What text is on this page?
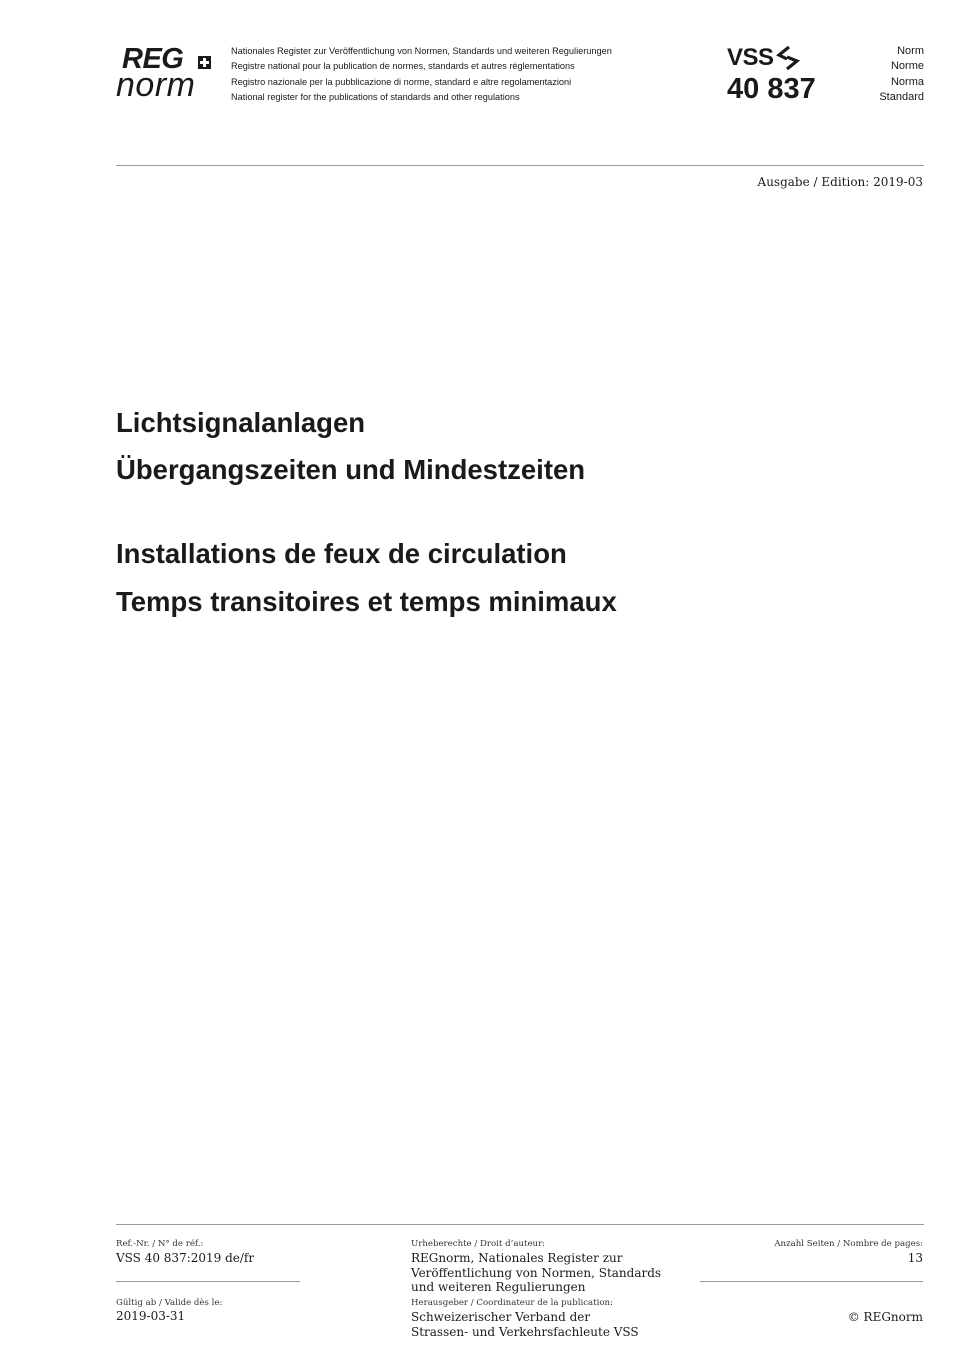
REG
norm
Nationales Register zur Veröffentlichung von Normen, Standards und weiteren Regulierungen
Registre national pour la publication de normes, standards et autres réglementations
Registro nazionale per la pubblicazione di norme, standard e altre regolamentazioni
National register for the publications of standards and other regulations
VSS
40 837
Norm
Norme
Norma
Standard
Ausgabe / Edition: 2019-03
Lichtsignalanlagen
Übergangszeiten und Mindestzeiten
Installations de feux de circulation
Temps transitoires et temps minimaux
Ref.-Nr. / N° de réf.:
VSS 40 837:2019 de/fr
Gültig ab / Valide dès le:
2019-03-31
Urheberechte / Droit d’auteur:
REGnorm, Nationales Register zur
Veröffentlichung von Normen, Standards
und weiteren Regulierungen
Herausgeber / Coordinateur de la publication:
Schweizerischer Verband der
Strassen- und Verkehrsfachleute VSS
Anzahl Seiten / Nombre de pages:
13
© REGnorm
